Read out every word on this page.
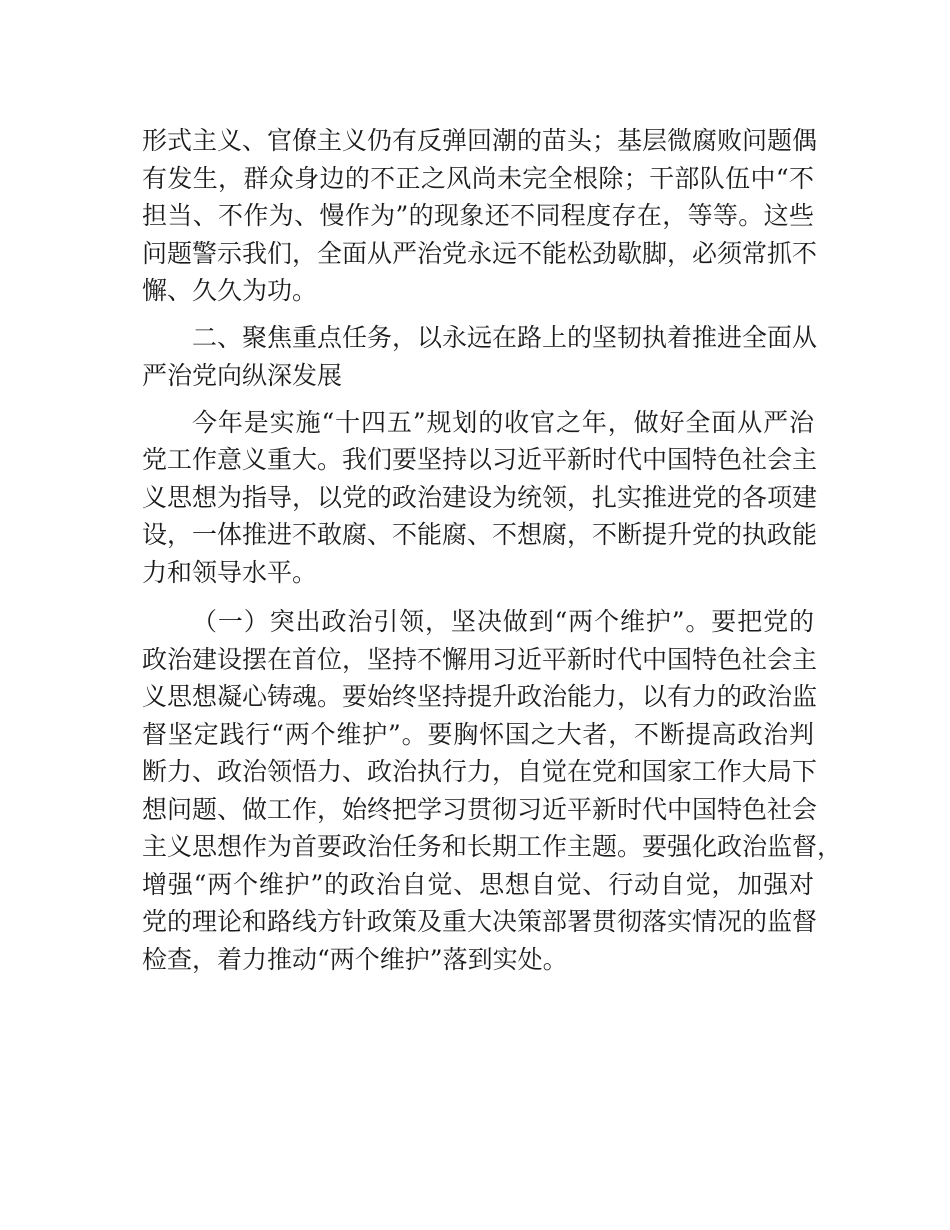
形式主义、官僚主义仍有反弹回潮的苗头；基层微腐败问题偶
有发生，群众身边的不正之风尚未完全根除；干部队伍中“不
担当、不作为、慢作为”的现象还不同程度存在，等等。这些
问题警示我们，全面从严治党永远不能松劲歇脚，必须常抓不
懈、久久为功。
二、聚焦重点任务，以永远在路上的坚韧执着推进全面从
严治党向纵深发展
今年是实施“十四五”规划的收官之年，做好全面从严治
党工作意义重大。我们要坚持以习近平新时代中国特色社会主
义思想为指导，以党的政治建设为统领，扎实推进党的各项建
设，一体推进不敢腐、不能腐、不想腐，不断提升党的执政能
力和领导水平。
（一）突出政治引领，坚决做到“两个维护”。要把党的
政治建设摆在首位，坚持不懈用习近平新时代中国特色社会主
义思想凝心铸魂。要始终坚持提升政治能力，以有力的政治监
督坚定践行“两个维护”。要胸怀国之大者，不断提高政治判
断力、政治领悟力、政治执行力，自觉在党和国家工作大局下
想问题、做工作，始终把学习贯彻习近平新时代中国特色社会
主义思想作为首要政治任务和长期工作主题。要强化政治监督，
增强“两个维护”的政治自觉、思想自觉、行动自觉，加强对
党的理论和路线方针政策及重大决策部署贯彻落实情况的监督
检查，着力推动“两个维护”落到实处。
